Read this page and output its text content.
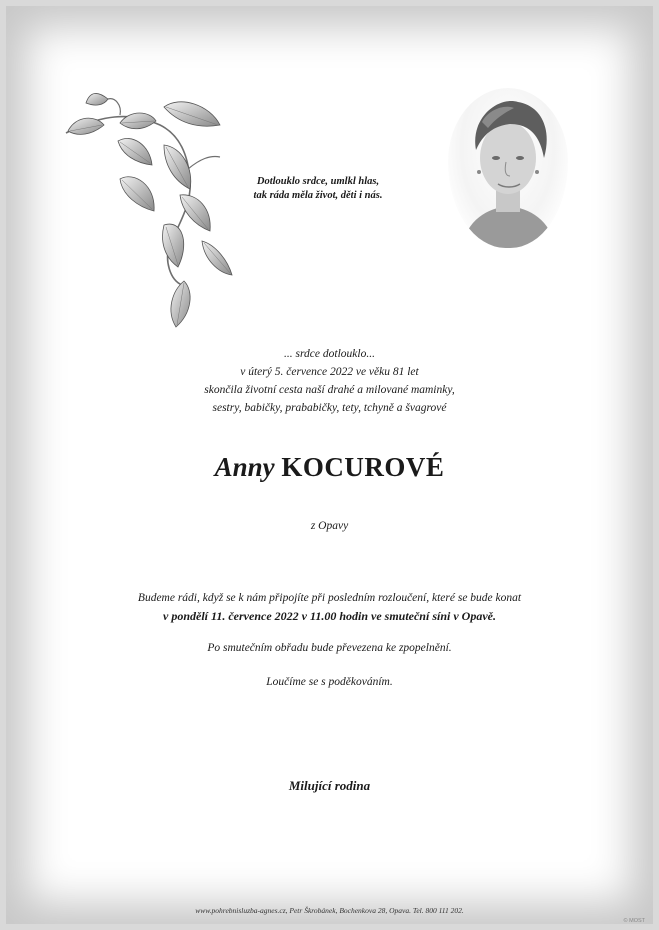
Dotlouklo srdce, umlkl hlas,
tak ráda měla život, děti i nás.
... srdce dotlouklo...
v úterý 5. července 2022 ve věku 81 let
skončila životní cesta naší drahé a milované maminky,
sestry, babičky, prababičky, tety, tchyně a švagrové
Anny KOCUROVÉ
z Opavy
Budeme rádi, když se k nám připojíte při posledním rozloučení, které se bude konat
v pondělí 11. července 2022 v 11.00 hodin ve smuteční síni v Opavě.
Po smutečním obřadu bude převezena ke zpopelnění.
Loučíme se s poděkováním.
Milující rodina
www.pohrebnisluzba-agnes.cz, Petr Škrobánek, Bochenkova 28, Opava. Tel. 800 111 202.
© MOST
